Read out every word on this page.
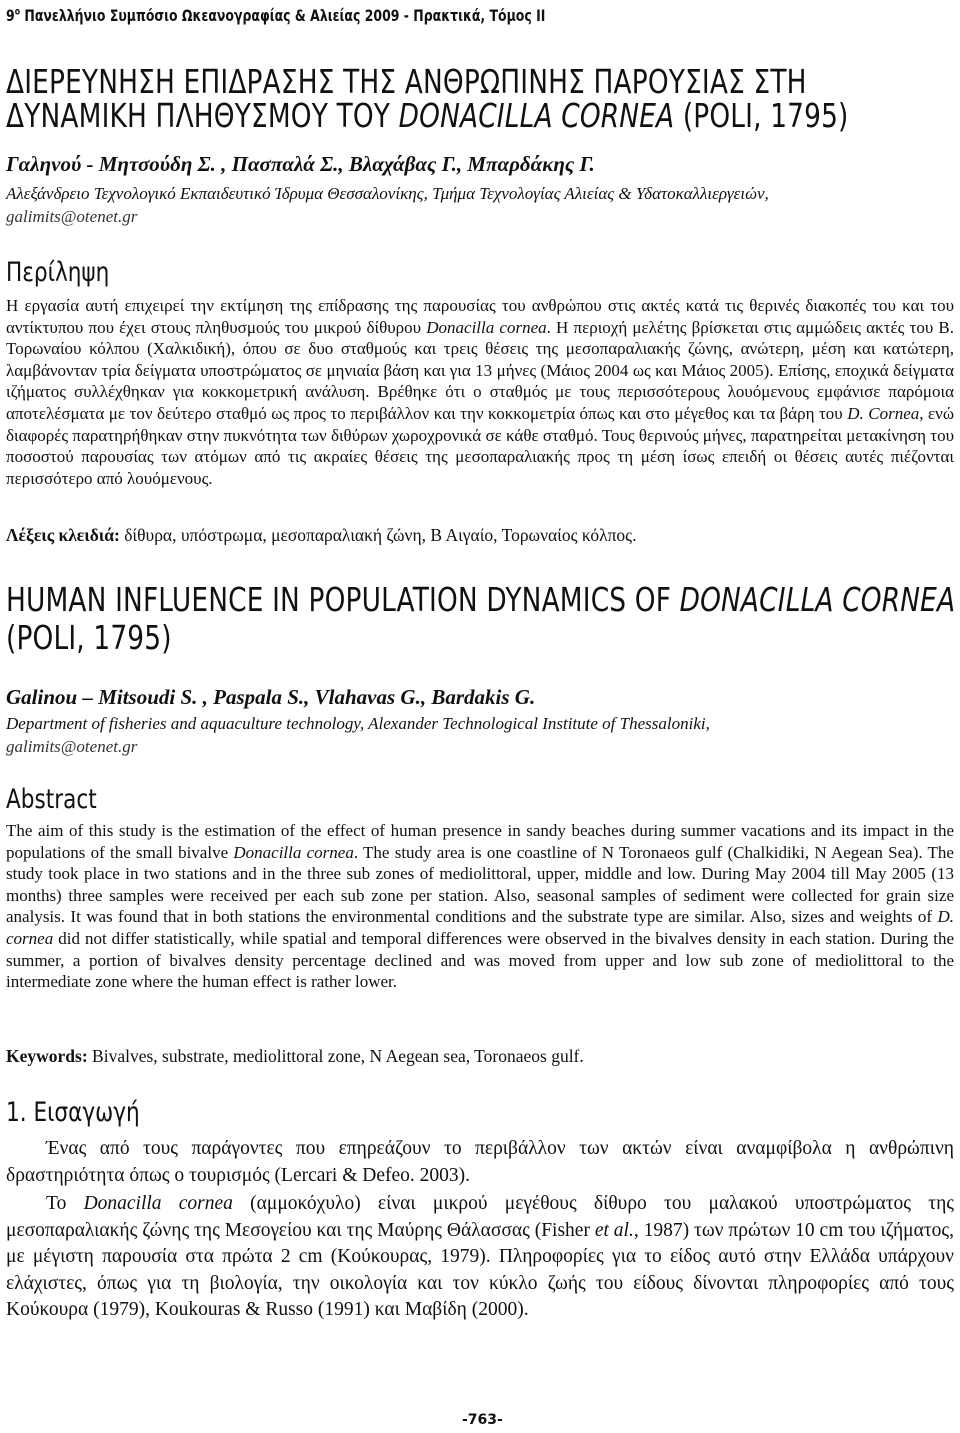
$9^o$ Πανελλήνιο Συμπόσιο Ωκεανογραφίας & Αλιείας 2009 - Πρακτικά, Τόμος ΙΙ
ΔΙΕΡΕΥΝΗΣΗ ΕΠΙΔΡΑΣΗΣ ΤΗΣ ΑΝΘΡΩΠΙΝΗΣ ΠΑΡΟΥΣΙΑΣ ΣΤΗ
ΔΥΝΑΜΙΚΗ ΠΛΗΘΥΣΜΟΥ ΤΟΥ DONACILLA CORNEA (POLI, 1795)
Γαληνού - Μητσούδη Σ. , Πασπαλά Σ., Βλαχάβας Γ., Μπαρδάκης Γ.
Αλεξάνδρειο Τεχνολογικό Εκπαιδευτικό Ίδρυμα Θεσσαλονίκης, Τμήμα Τεχνολογίας Αλιείας & Υδατοκαλλιεργειών,
galimits@otenet.gr
Περίληψη
Η εργασία αυτή επιχειρεί την εκτίμηση της επίδρασης της παρουσίας του ανθρώπου στις ακτές κατά τις θερινές διακοπές του και του αντίκτυπου που έχει στους πληθυσμούς του μικρού δίθυρου Donacilla cornea. Η περιοχή μελέτης βρίσκεται στις αμμώδεις ακτές του Β. Τορωναίου κόλπου (Χαλκιδική), όπου σε δυο σταθμούς και τρεις θέσεις της μεσοπαραλιακής ζώνης, ανώτερη, μέση και κατώτερη, λαμβάνονταν τρία δείγματα υποστρώματος σε μηνιαία βάση και για 13 μήνες (Μάιος 2004 ως και Μάιος 2005). Επίσης, εποχικά δείγματα ιζήματος συλλέχθηκαν για κοκκομετρική ανάλυση. Βρέθηκε ότι ο σταθμός με τους περισσότερους λουόμενους εμφάνισε παρόμοια αποτελέσματα με τον δεύτερο σταθμό ως προς το περιβάλλον και την κοκκομετρία όπως και στο μέγεθος και τα βάρη του D. Cornea, ενώ διαφορές παρατηρήθηκαν στην πυκνότητα των διθύρων χωροχρονικά σε κάθε σταθμό. Τους θερινούς μήνες, παρατηρείται μετακίνηση του ποσοστού παρουσίας των ατόμων από τις ακραίες θέσεις της μεσοπαραλιακής προς τη μέση ίσως επειδή οι θέσεις αυτές πιέζονται περισσότερο από λουόμενους.
Λέξεις κλειδιά: δίθυρα, υπόστρωμα, μεσοπαραλιακή ζώνη, Β Αιγαίο, Τορωναίος κόλπος.
HUMAN INFLUENCE IN POPULATION DYNAMICS OF DONACILLA CORNEA
(POLI, 1795)
Galinou – Mitsoudi S. , Paspala S., Vlahavas G., Bardakis G.
Department of fisheries and aquaculture technology, Alexander Technological Institute of Thessaloniki,
galimits@otenet.gr
Abstract
The aim of this study is the estimation of the effect of human presence in sandy beaches during summer vacations and its impact in the populations of the small bivalve Donacilla cornea. The study area is one coastline of N Toronaeos gulf (Chalkidiki, N Aegean Sea). The study took place in two stations and in the three sub zones of mediolittoral, upper, middle and low. During May 2004 till May 2005 (13 months) three samples were received per each sub zone per station. Also, seasonal samples of sediment were collected for grain size analysis. It was found that in both stations the environmental conditions and the substrate type are similar. Also, sizes and weights of D. cornea did not differ statistically, while spatial and temporal differences were observed in the bivalves density in each station. During the summer, a portion of bivalves density percentage declined and was moved from upper and low sub zone of mediolittoral to the intermediate zone where the human effect is rather lower.
Keywords: Bivalves, substrate, mediolittoral zone, N Aegean sea, Toronaeos gulf.
1. Εισαγωγή
Ένας από τους παράγοντες που επηρεάζουν το περιβάλλον των ακτών είναι αναμφίβολα η ανθρώπινη δραστηριότητα όπως ο τουρισμός (Lercari & Defeo. 2003).
Το Donacilla cornea (αμμοκόχυλο) είναι μικρού μεγέθους δίθυρο του μαλακού υποστρώματος της μεσοπαραλιακής ζώνης της Μεσογείου και της Μαύρης Θάλασσας (Fisher et al., 1987) των πρώτων 10 cm του ιζήματος, με μέγιστη παρουσία στα πρώτα 2 cm (Κούκουρας, 1979). Πληροφορίες για το είδος αυτό στην Ελλάδα υπάρχουν ελάχιστες, όπως για τη βιολογία, την οικολογία και τον κύκλο ζωής του είδους δίνονται πληροφορίες από τους Κούκουρα (1979), Koukouras & Russo (1991) και Μαβίδη (2000).
-763-
